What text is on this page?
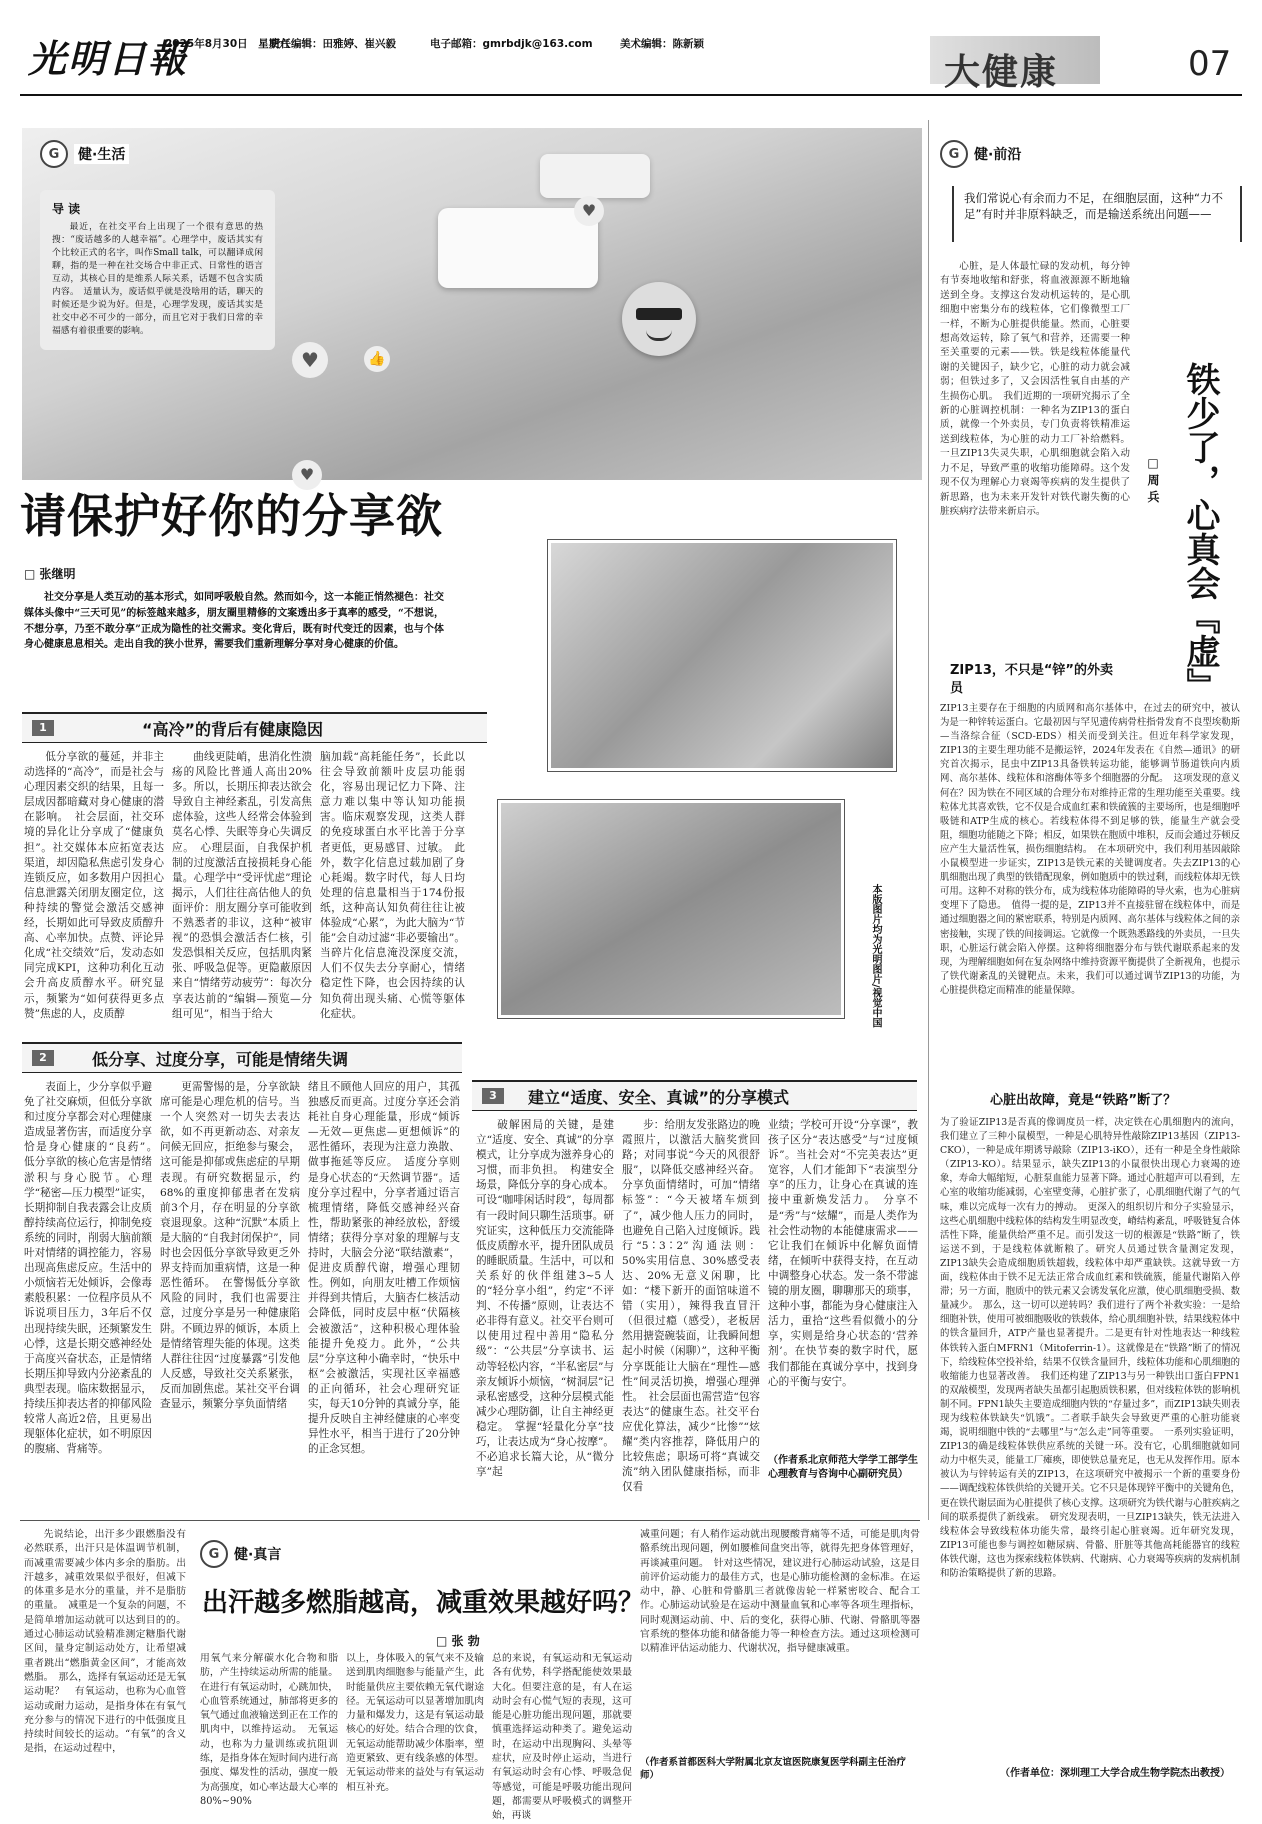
光明日報
2025年8月30日　星期六
责任编辑：田雅婷、崔兴毅	电子邮箱：gmrbdjk@163.com	美术编辑：陈新颖
大健康	07
♥
♥
👍
♥
G	健·生活
导 读
最近，在社交平台上出现了一个很有意思的热搜：“废话越多的人越幸福”。心理学中，废话其实有个比较正式的名字，叫作Small talk，可以翻译成闲聊，指的是一种在社交场合中非正式、日常性的语言互动，其核心目的是维系人际关系，话题不包含实质内容。　适量认为，废话似乎就是没啥用的话，聊天的时候还是少说为好。但是，心理学发现，废话其实是社交中必不可少的一部分，而且它对于我们日常的幸福感有着很重要的影响。
请保护好你的分享欲
□ 张继明
社交分享是人类互动的基本形式，如同呼吸般自然。然而如今，这一本能正悄然褪色：社交媒体头像中“三天可见”的标签越来越多，朋友圈里精修的文案透出多于真率的感受，“不想说，不想分享，乃至不敢分享”正成为隐性的社交需求。变化背后，既有时代变迁的因素，也与个体身心健康息息相关。走出自我的狭小世界，需要我们重新理解分享对身心健康的价值。
本版图片均为光明图片/视觉中国
1	“高冷”的背后有健康隐因
低分享欲的蔓延，并非主动选择的“高冷”，而是社会与心理因素交织的结果，且每一层成因都暗藏对身心健康的潜在影响。　社会层面，社交环境的异化让分享成了“健康负担”。社交媒体本应拓宽表达渠道，却因隐私焦虑引发身心连锁反应，如多数用户因担心信息泄露关闭朋友圈定位，这种持续的警觉会激活交感神经，长期如此可导致皮质醇升高、心率加快。点赞、评论异化成“社交绩效”后，发动态如同完成KPI，这种功利化互动会升高皮质醇水平。研究显示，频繁为“如何获得更多点赞”焦虑的人，皮质醇
曲线更陡峭，患消化性溃疡的风险比普通人高出20%多。所以，长期压抑表达欲会导致自主神经紊乱，引发高焦虑体验，这些人经常会体验到莫名心悸、失眠等身心失调反应。　心理层面，自我保护机制的过度激活直接损耗身心能量。心理学中“受评忧虑”理论揭示，人们往往高估他人的负面评价：朋友圈分享可能收到不熟悉者的非议，这种“被审视”的恐惧会激活杏仁核，引发恐惧相关反应，包括肌肉紧张、呼吸急促等。更隐蔽原因来自“情绪劳动疲劳”：每次分享表达前的“编辑—预览—分组可见”，相当于给大
脑加载“高耗能任务”，长此以往会导致前额叶皮层功能弱化，容易出现记忆力下降、注意力难以集中等认知功能损害。临床观察发现，这类人群的免疫球蛋白水平比善于分享者更低，更易感冒、过敏。　此外，数字化信息过载加剧了身心耗竭。数字时代，每人日均处理的信息量相当于174份报纸，这种高认知负荷往往让被体验成“心累”，为此大脑为“节能”会自动过滤“非必要输出”。当碎片化信息淹没深度交流，人们不仅失去分享耐心，情绪稳定性下降，也会因持续的认知负荷出现头痛、心慌等躯体化症状。
2	低分享、过度分享，可能是情绪失调
表面上，少分享似乎避免了社交麻烦，但低分享欲和过度分享都会对心理健康造成显著伤害，而适度分享恰是身心健康的“良药”。　低分享欲的核心危害是情绪淤积与身心脱节。心理学“秘密—压力模型”证实，长期抑制自我表露会让皮质醇持续高位运行，抑制免疫系统的同时，削弱大脑前额叶对情绪的调控能力，容易出现高焦虑反应。生活中的小烦恼若无处倾诉，会像毒素般积累：一位程序员从不诉说项目压力，3年后不仅出现持续失眠，还频繁发生心悸，这是长期交感神经处于高度兴奋状态，正是情绪长期压抑导致内分泌紊乱的典型表现。临床数据显示，持续压抑表达者的抑郁风险较常人高近2倍，且更易出现躯体化症状，如不明原因的腹痛、背痛等。
更需警惕的是，分享欲缺席可能是心理危机的信号。当一个人突然对一切失去表达欲，如不再更新动态、对亲友问候无回应，拒绝参与聚会，这可能是抑郁或焦虑症的早期表现。有研究数据显示，约68%的重度抑郁患者在发病前3个月，存在明显的分享欲衰退现象。这种“沉默”本质上是大脑的“自我封闭保护”，同时也会因低分享欲导致更乏外界支持而加重病情，这是一种恶性循环。　在警惕低分享欲风险的同时，我们也需要注意，过度分享是另一种健康陷阱。不顾边界的倾诉，本质上是情绪管理失能的体现。这类人群往往因“过度暴露”引发他人反感，导致社交关系紧张，反而加剧焦虑。某社交平台调查显示，频繁分享负面情绪
绪且不顾他人回应的用户，其孤独感反而更高。过度分享还会消耗社自身心理能量，形成“倾诉—无效—更焦虑—更想倾诉”的恶性循环，表现为注意力涣散、做事拖延等反应。　适度分享则是身心状态的“天然调节器”。适度分享过程中，分享者通过语言梳理情绪，降低交感神经兴奋性，帮助紧张的神经放松，舒缓情绪；获得分享对象的理解与支持时，大脑会分泌“联结激素”，促进皮质醇代谢，增强心理韧性。例如，向朋友吐槽工作烦恼并得到共情后，大脑杏仁核活动会降低，同时皮层中枢“伏隔核会被激活”，这种积极心理体验能提升免疫力。此外，“公共层”分享这种小确幸时，“快乐中枢”会被激活，实现社区幸福感的正向循环，社会心理研究证实，每天10分钟的真诚分享，能提升反映自主神经健康的心率变异性水平，相当于进行了20分钟的正念冥想。
3	建立“适度、安全、真诚”的分享模式
破解困局的关键，是建立“适度、安全、真诚”的分享模式，让分享成为滋养身心的习惯，而非负担。　构建安全场景，降低分享的身心成本。可设“咖啡闲话时段”，每周都有一段时间只聊生活琐事。研究证实，这种低压力交流能降低皮质醇水平，提升团队成员的睡眠质量。生活中，可以和关系好的伙伴组建3~5人的“轻分享小组”，约定“不评判、不传播”原则，让表达不必非得有意义。社交平台则可以使用过程中善用“隐私分级”：“公共层”分享读书、运动等轻松内容，“半私密层”与亲友倾诉小烦恼，“树洞层”记录私密感受，这种分层模式能减少心理防御，让自主神经更稳定。　掌握“轻量化分享”技巧，让表达成为“身心按摩”。不必追求长篇大论，从“微分享”起
步：给朋友发张路边的晚霞照片，以激活大脑奖赏回路；对同事说“今天的风很舒服”，以降低交感神经兴奋。分享负面情绪时，可加“情绪标签”：“今天被堵车烦到了”，减少他人压力的同时，也避免自己陷入过度倾诉。践行“5∶3∶2”沟通法则：50%实用信息、30%感受表达、20%无意义闲聊，比如：“楼下新开的面馆味道不错（实用），辣得我直冒汗（但很过瘾（感受），老板居然用搪瓷碗装面，让我瞬间想起小时候（闲聊）”，这种平衡分享既能让大脑在“理性—感性”间灵活切换，增强心理弹性。　社会层面也需营造“包容表达”的健康生态。社交平台应优化算法，减少“比惨”“炫耀”类内容推荐，降低用户的比较焦虑；职场可将“真诚交流”纳入团队健康指标，而非仅看
业绩；学校可开设“分享课”，教孩子区分“表达感受”与“过度倾诉”。当社会对“不完美表达”更宽容，人们才能卸下“表演型分享”的压力，让身心在真诚的连接中重新焕发活力。　分享不是“秀”与“炫耀”，而是人类作为社会性动物的本能健康需求——它让我们在倾诉中化解负面情绪，在倾听中获得支持，在互动中调整身心状态。发一条不带滤镜的朋友圈，聊聊那天的琐事，这种小事，都能为身心健康注入活力，重拾“这些看似微小的分享，实则是给身心状态的‘营养剂’。在快节奏的数字时代，愿我们都能在真诚分享中，找到身心的平衡与安宁。
（作者系北京师范大学学工部学生心理教育与咨询中心副研究员）
G	健·前沿
我们常说心有余而力不足，在细胞层面，这种“力不足”有时并非原料缺乏，而是输送系统出问题——
心脏，是人体最忙碌的发动机，每分钟有节奏地收缩和舒张，将血液源源不断地输送到全身。支撑这台发动机运转的，是心肌细胞中密集分布的线粒体，它们像微型工厂一样，不断为心脏提供能量。然而，心脏要想高效运转，除了氧气和营养，还需要一种至关重要的元素——铁。铁是线粒体能量代谢的关键因子，缺少它，心脏的动力就会减弱；但铁过多了，又会因活性氧自由基的产生损伤心肌。　我们近期的一项研究揭示了全新的心脏调控机制：一种名为ZIP13的蛋白质，就像一个外卖员，专门负责将铁精准运送到线粒体，为心脏的动力工厂补给燃料。一旦ZIP13失灵失职，心肌细胞就会陷入动力不足，导致严重的收缩功能障碍。这个发现不仅为理解心力衰竭等疾病的发生提供了新思路，也为未来开发针对铁代谢失衡的心脏疾病疗法带来新启示。	铁少了，心真会『虚』
□ 周 兵
ZIP13，不只是“锌”的外卖员
ZIP13主要存在于细胞的内质网和高尔基体中，在过去的研究中，被认为是一种锌转运蛋白。它最初因与罕见遗传病骨柱指骨发育不良型埃勒斯—当洛综合征（SCD-EDS）相关而受到关注。但近年科学家发现，ZIP13的主要生理功能不是搬运锌，2024年发表在《自然—通讯》的研究首次揭示，昆虫中ZIP13具备铁转运功能，能够调节肠道铁向内质网、高尔基体、线粒体和溶酶体等多个细胞器的分配。　这项发现的意义何在？因为铁在不同区域的合理分布对维持正常的生理功能至关重要。线粒体尤其喜欢铁，它不仅是合成血红素和铁硫簇的主要场所，也是细胞呼吸链和ATP生成的核心。若线粒体得不到足够的铁，能量生产就会受阻，细胞功能随之下降；相反，如果铁在胞质中堆积，反而会通过芬顿反应产生大量活性氧，损伤细胞结构。　在本项研究中，我们利用基因敲除小鼠模型进一步证实，ZIP13是铁元素的关键调度者。失去ZIP13的心肌细胞出现了典型的铁错配现象，例如胞质中的铁过剩，而线粒体却无铁可用。这种不对称的铁分布，成为线粒体功能障碍的导火索，也为心脏病变埋下了隐患。　值得一提的是，ZIP13并不直接驻留在线粒体中，而是通过细胞器之间的紧密联系，特别是内质网、高尔基体与线粒体之间的亲密接触，实现了铁的间接调运。它就像一个既熟悉路线的外卖员，一旦失职，心脏运行就会陷入停摆。这种将细胞器分布与铁代谢联系起来的发现，为理解细胞如何在复杂网络中维持资源平衡提供了全新视角，也提示了铁代谢紊乱的关键靶点。未来，我们可以通过调节ZIP13的功能，为心脏提供稳定而精准的能量保障。
心脏出故障，竟是“铁路”断了？
为了验证ZIP13是否真的像调度员一样，决定铁在心肌细胞内的流向，我们建立了三种小鼠模型，一种是心肌特异性敲除ZIP13基因（ZIP13-CKO），一种是成年期诱导敲除（ZIP13-iKO），还有一种是全身性敲除（ZIP13-KO）。结果显示，缺失ZIP13的小鼠很快出现心力衰竭的迹象，寿命大幅缩短，心脏泵血能力显著下降。通过心脏超声可以看到，左心室的收缩功能减弱，心室壁变薄，心脏扩张了，心肌细胞代谢了气的气味，难以完成每一次有力的搏动。　更深入的组织切片和分子实验显示，这些心肌细胞中线粒体的结构发生明显改变，嵴结构紊乱，呼吸链复合体活性下降，能量供给严重不足。而引发这一切的根源是“铁路”断了，铁运送不到，于是线粒体就断粮了。研究人员通过铁含量测定发现，ZIP13缺失会造成细胞质铁超载，线粒体中却严重缺铁。这就导致一方面，线粒体由于铁不足无法正常合成血红素和铁硫簇，能量代谢陷入停滞；另一方面，胞质中的铁元素又会诱发氧化应激，使心肌细胞受损、数量减少。　那么，这一切可以逆转吗？我们进行了两个补救实验：一是给细胞补铁，使用可被细胞吸收的铁载体，给心肌细胞补铁，结果线粒体中的铁含量回升，ATP产量也显著提升。二是更有针对性地表达一种线粒体铁转入蛋白MFRN1（Mitoferrin-1）。这就像是在“铁路”断了的情况下，给线粒体空投补给，结果不仅铁含量回升，线粒体功能和心肌细胞的收缩能力也显著改善。　我们还构建了ZIP13与另一种铁出口蛋白FPN1的双敲模型，发现两者缺失虽都引起胞质铁积累，但对线粒体铁的影响机制不同。FPN1缺失主要造成细胞内铁的“存量过多”，而ZIP13缺失则表现为线粒体铁缺失“饥饿”。二者联手缺失会导致更严重的心脏功能衰竭，说明细胞中铁的“去哪里”与“怎么走”同等重要。　一系列实验证明，ZIP13的确是线粒体铁供应系统的关键一环。没有它，心肌细胞就如同动力中枢失灵，能量工厂瘫痪，即使铁总量充足，也无从发挥作用。原本被认为与锌转运有关的ZIP13，在这项研究中被揭示一个新的重要身份——调配线粒体铁供给的关键开关。它不只是体现锌平衡中的关键角色，更在铁代谢层面为心脏提供了核心支撑。这项研究为铁代谢与心脏疾病之间的联系提供了新线索。　研究发现表明，一旦ZIP13缺失，铁无法进入线粒体会导致线粒体功能失常，最终引起心脏衰竭。近年研究发现，ZIP13可能也参与调控如糖尿病、骨骼、肝脏等其他高耗能器官的线粒体铁代谢，这也为探索线粒体铁病、代谢病、心力衰竭等疾病的发病机制和防治策略提供了新的思路。
（作者单位：深圳理工大学合成生物学院杰出教授）
先说结论，出汗多少跟燃脂没有必然联系，出汗只是体温调节机制，而减重需要减少体内多余的脂肪。出汗越多，减重效果似乎很好，但减下的体重多是水分的重量，并不是脂肪的重量。　减重是一个复杂的问题，不是简单增加运动就可以达到目的的。通过心肺运动试验精准测定糖脂代谢区间，量身定制运动处方，让希望减重者跳出“燃脂黄金区间”，才能高效燃脂。　那么，选择有氧运动还是无氧运动呢？　有氧运动，也称为心血管运动或耐力运动，是指身体在有氧气充分参与的情况下进行的中低强度且持续时间较长的运动。“有氧”的含义是指，在运动过程中，
G	健·真言
出汗越多燃脂越高，减重效果越好吗？
□ 张 勃
用氧气来分解碳水化合物和脂肪，产生持续运动所需的能量。在进行有氧运动时，心跳加快，心血管系统通过，肺部将更多的氧气通过血液输送到正在工作的肌肉中，以维持运动。　无氧运动，也称为力量训练或抗阻训练，是指身体在短时间内进行高强度、爆发性的活动，强度一般为高强度，如心率达最大心率的80%~90%
以上，身体吸入的氧气来不及输送到肌肉细胞参与能量产生，此时能量供应主要依赖无氧代谢途径。无氧运动可以显著增加肌肉力量和爆发力，这是有氧运动最核心的好处。结合合理的饮食，无氧运动能帮助减少体脂率，塑造更紧致、更有线条感的体型。无氧运动带来的益处与有氧运动相互补充。
总的来说，有氧运动和无氧运动各有优势，科学搭配能使效果最大化。但要注意的是，有人在运动时会有心慌气短的表现，这可能是心脏功能出现问题，那就要慎重选择运动种类了。避免运动时，在运动中出现胸闷、头晕等症状，应及时停止运动，当进行有氧运动时会有心悸、呼吸急促等感觉，可能是呼吸功能出现问题，都需要从呼吸模式的调整开始，再谈
减重问题；有人稍作运动就出现腰酸背痛等不适，可能是肌肉骨骼系统出现问题，例如腰椎间盘突出等，就得先把身体管理好，再谈减重问题。　针对这些情况，建议进行心肺运动试验，这是目前评价运动能力的最佳方式，也是心肺功能检测的金标准。在运动中，静、心脏和骨骼肌三者就像齿轮一样紧密咬合、配合工作。心肺运动试验是在运动中测量血氧和心率等各项生理指标，同时观测运动前、中、后的变化，获得心肺、代谢、骨骼肌等器官系统的整体功能和储备能力等一种检查方法。通过这项检测可以精准评估运动能力、代谢状况，指导健康减重。
（作者系首都医科大学附属北京友谊医院康复医学科副主任治疗师）
